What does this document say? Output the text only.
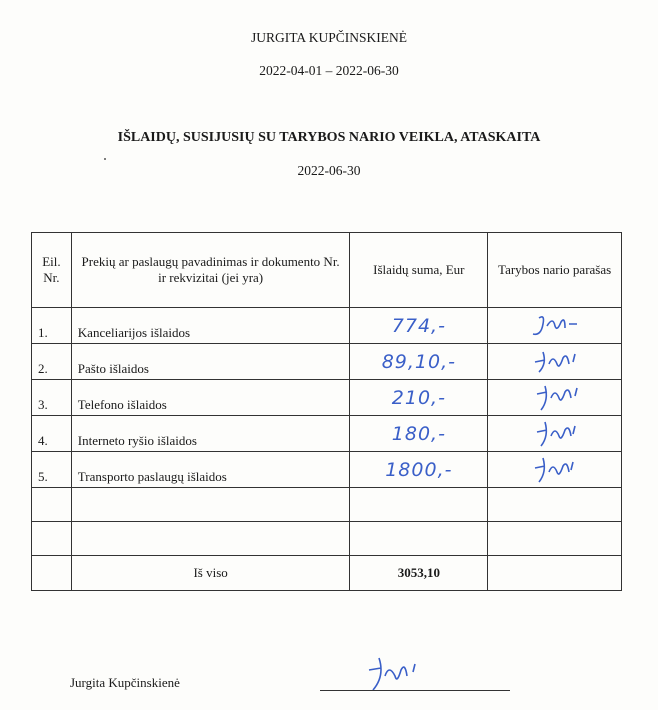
JURGITA KUPČINSKIENĖ
2022-04-01 – 2022-06-30
IŠLAIDŲ, SUSIJUSIŲ SU TARYBOS NARIO VEIKLA, ATASKAITA
2022-06-30
Eil. Nr.	Prekių ar paslaugų pavadinimas ir dokumento Nr. ir rekvizitai (jei yra)	Išlaidų suma, Eur	Tarybos nario parašas
1.	Kanceliarijos išlaidos	774,-	

2.	Pašto išlaidos	89,10,-	

3.	Telefono išlaidos	210,-	

4.	Interneto ryšio išlaidos	180,-	

5.	Transporto paslaugų išlaidos	1800,-	

	Iš viso	3053,10	
Jurgita Kupčinskienė
